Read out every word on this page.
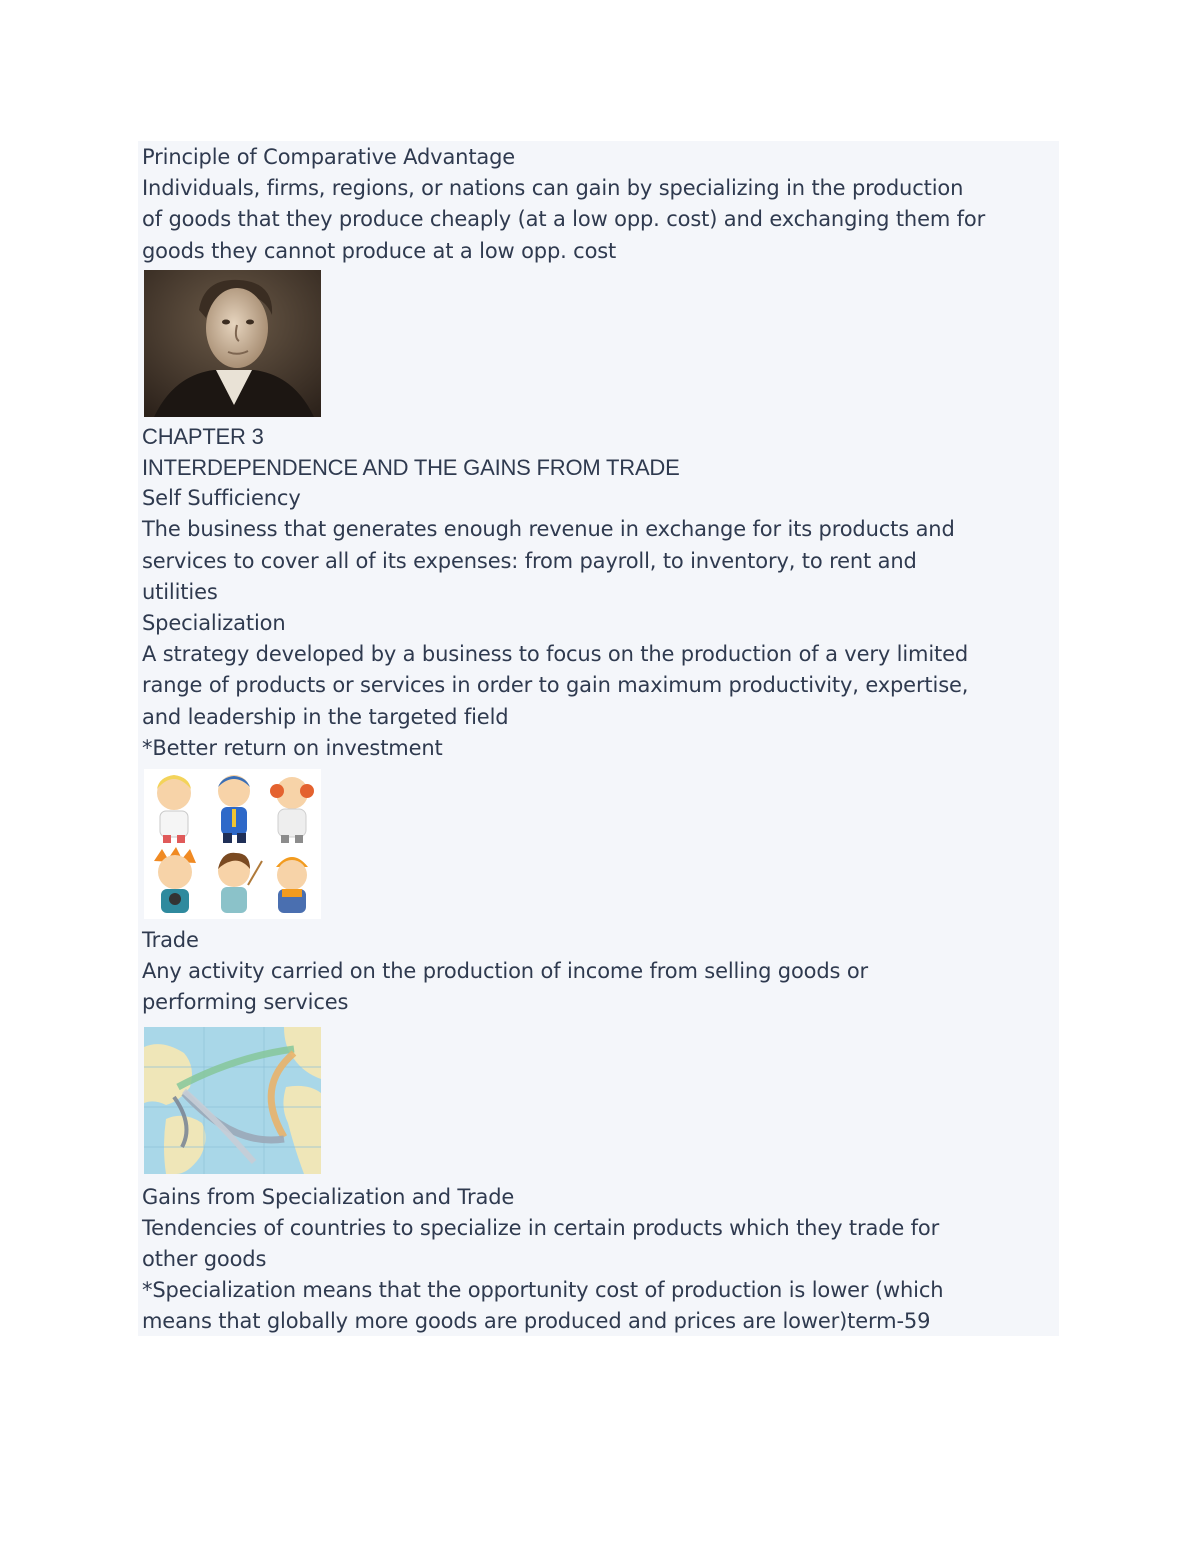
Principle of Comparative Advantage
Individuals, firms, regions, or nations can gain by specializing in the production
of goods that they produce cheaply (at a low opp. cost) and exchanging them for
goods they cannot produce at a low opp. cost
CHAPTER 3
INTERDEPENDENCE AND THE GAINS FROM TRADE
Self Sufficiency
The business that generates enough revenue in exchange for its products and
services to cover all of its expenses: from payroll, to inventory, to rent and
utilities
Specialization
A strategy developed by a business to focus on the production of a very limited
range of products or services in order to gain maximum productivity, expertise,
and leadership in the targeted field
*Better return on investment
Trade
Any activity carried on the production of income from selling goods or
performing services
Gains from Specialization and Trade
Tendencies of countries to specialize in certain products which they trade for
other goods
*Specialization means that the opportunity cost of production is lower (which
means that globally more goods are produced and prices are lower)term-59
